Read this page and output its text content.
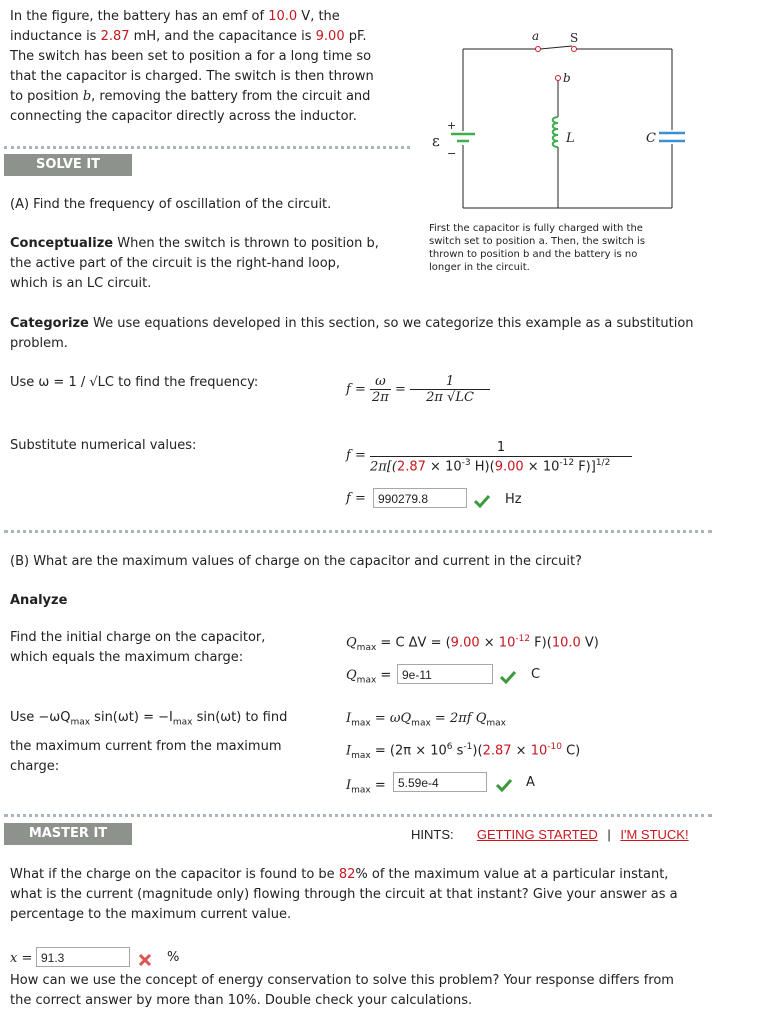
In the figure, the battery has an emf of 10.0 V, the
inductance is 2.87 mH, and the capacitance is 9.00 pF.
The switch has been set to position a for a long time so
that the capacitor is charged. The switch is then thrown
to position b, removing the battery from the circuit and
connecting the capacitor directly across the inductor.
a	S
b
ε
+
−
L	C
First the capacitor is fully charged with the
switch set to position a. Then, the switch is
thrown to position b and the battery is no
longer in the circuit.
SOLVE IT
(A) Find the frequency of oscillation of the circuit.
Conceptualize When the switch is thrown to position b,
the active part of the circuit is the right-hand loop,
which is an LC circuit.
Categorize We use equations developed in this section, so we categorize this example as a substitution
problem.
Use ω = 1 / √LC to find the frequency:	$f = \frac{\omega}{2\pi} = \frac{1}{2\pi √LC}$
Substitute numerical values:
f =
1
$2\pi[(2.87 \times 10^{-3}$ $H)(9.00 \times 10^{-12}$ F)]$^{1/2}$
f =	990279.8	Hz
(B) What are the maximum values of charge on the capacitor and current in the circuit?
Analyze
Find the initial charge on the capacitor,
which equals the maximum charge:
$Q_{max} = C$ $\Delta V = (9.00 \times 10^{-12}$ F)(10.0 V)
$Q_{max} = 9e-11$	C
Use $-\omega Q_{max}$ $\sin(\omega t) = -I_{max}$ sin(ωt) to find
the maximum current from the maximum
charge:
$I_{max} = \omega Q_{max} = 2\pi f$ $Q_{max}$
$I_{max} = (2\pi \times 10^6$ $s^{-1})(2.87 \times 10^{-10}$ C)
$I_{max}$ =	5.59e-4	A
MASTER IT	HINTS: GETTING STARTED | I'M STUCK!
What if the charge on the capacitor is found to be 82% of the maximum value at a particular instant,
what is the current (magnitude only) flowing through the circuit at that instant? Give your answer as a
percentage to the maximum current value.
x = 91.3	%
How can we use the concept of energy conservation to solve this problem? Your response differs from
the correct answer by more than 10%. Double check your calculations.
